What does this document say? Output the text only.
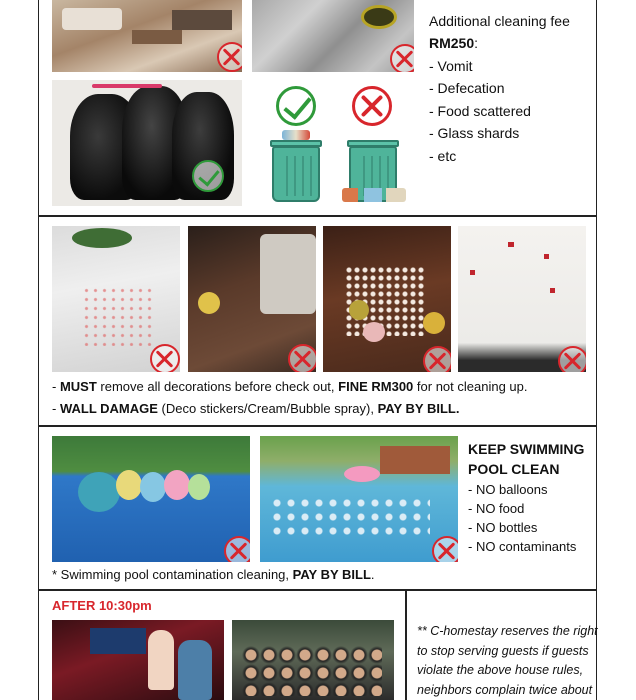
Additional cleaning fee
RM250:
- Vomit
- Defecation
- Food scattered
- Glass shards
- etc
- MUST remove all decorations before check out, FINE RM300 for not cleaning up.
- WALL DAMAGE (Deco stickers/Cream/Bubble spray), PAY BY BILL.
KEEP SWIMMING
POOL CLEAN
- NO balloons
- NO food
- NO bottles
- NO contaminants
* Swimming pool contamination cleaning, PAY BY BILL.
AFTER 10:30pm
** C-homestay reserves the right
to stop serving guests if guests
violate the above house rules,
neighbors complain twice about
